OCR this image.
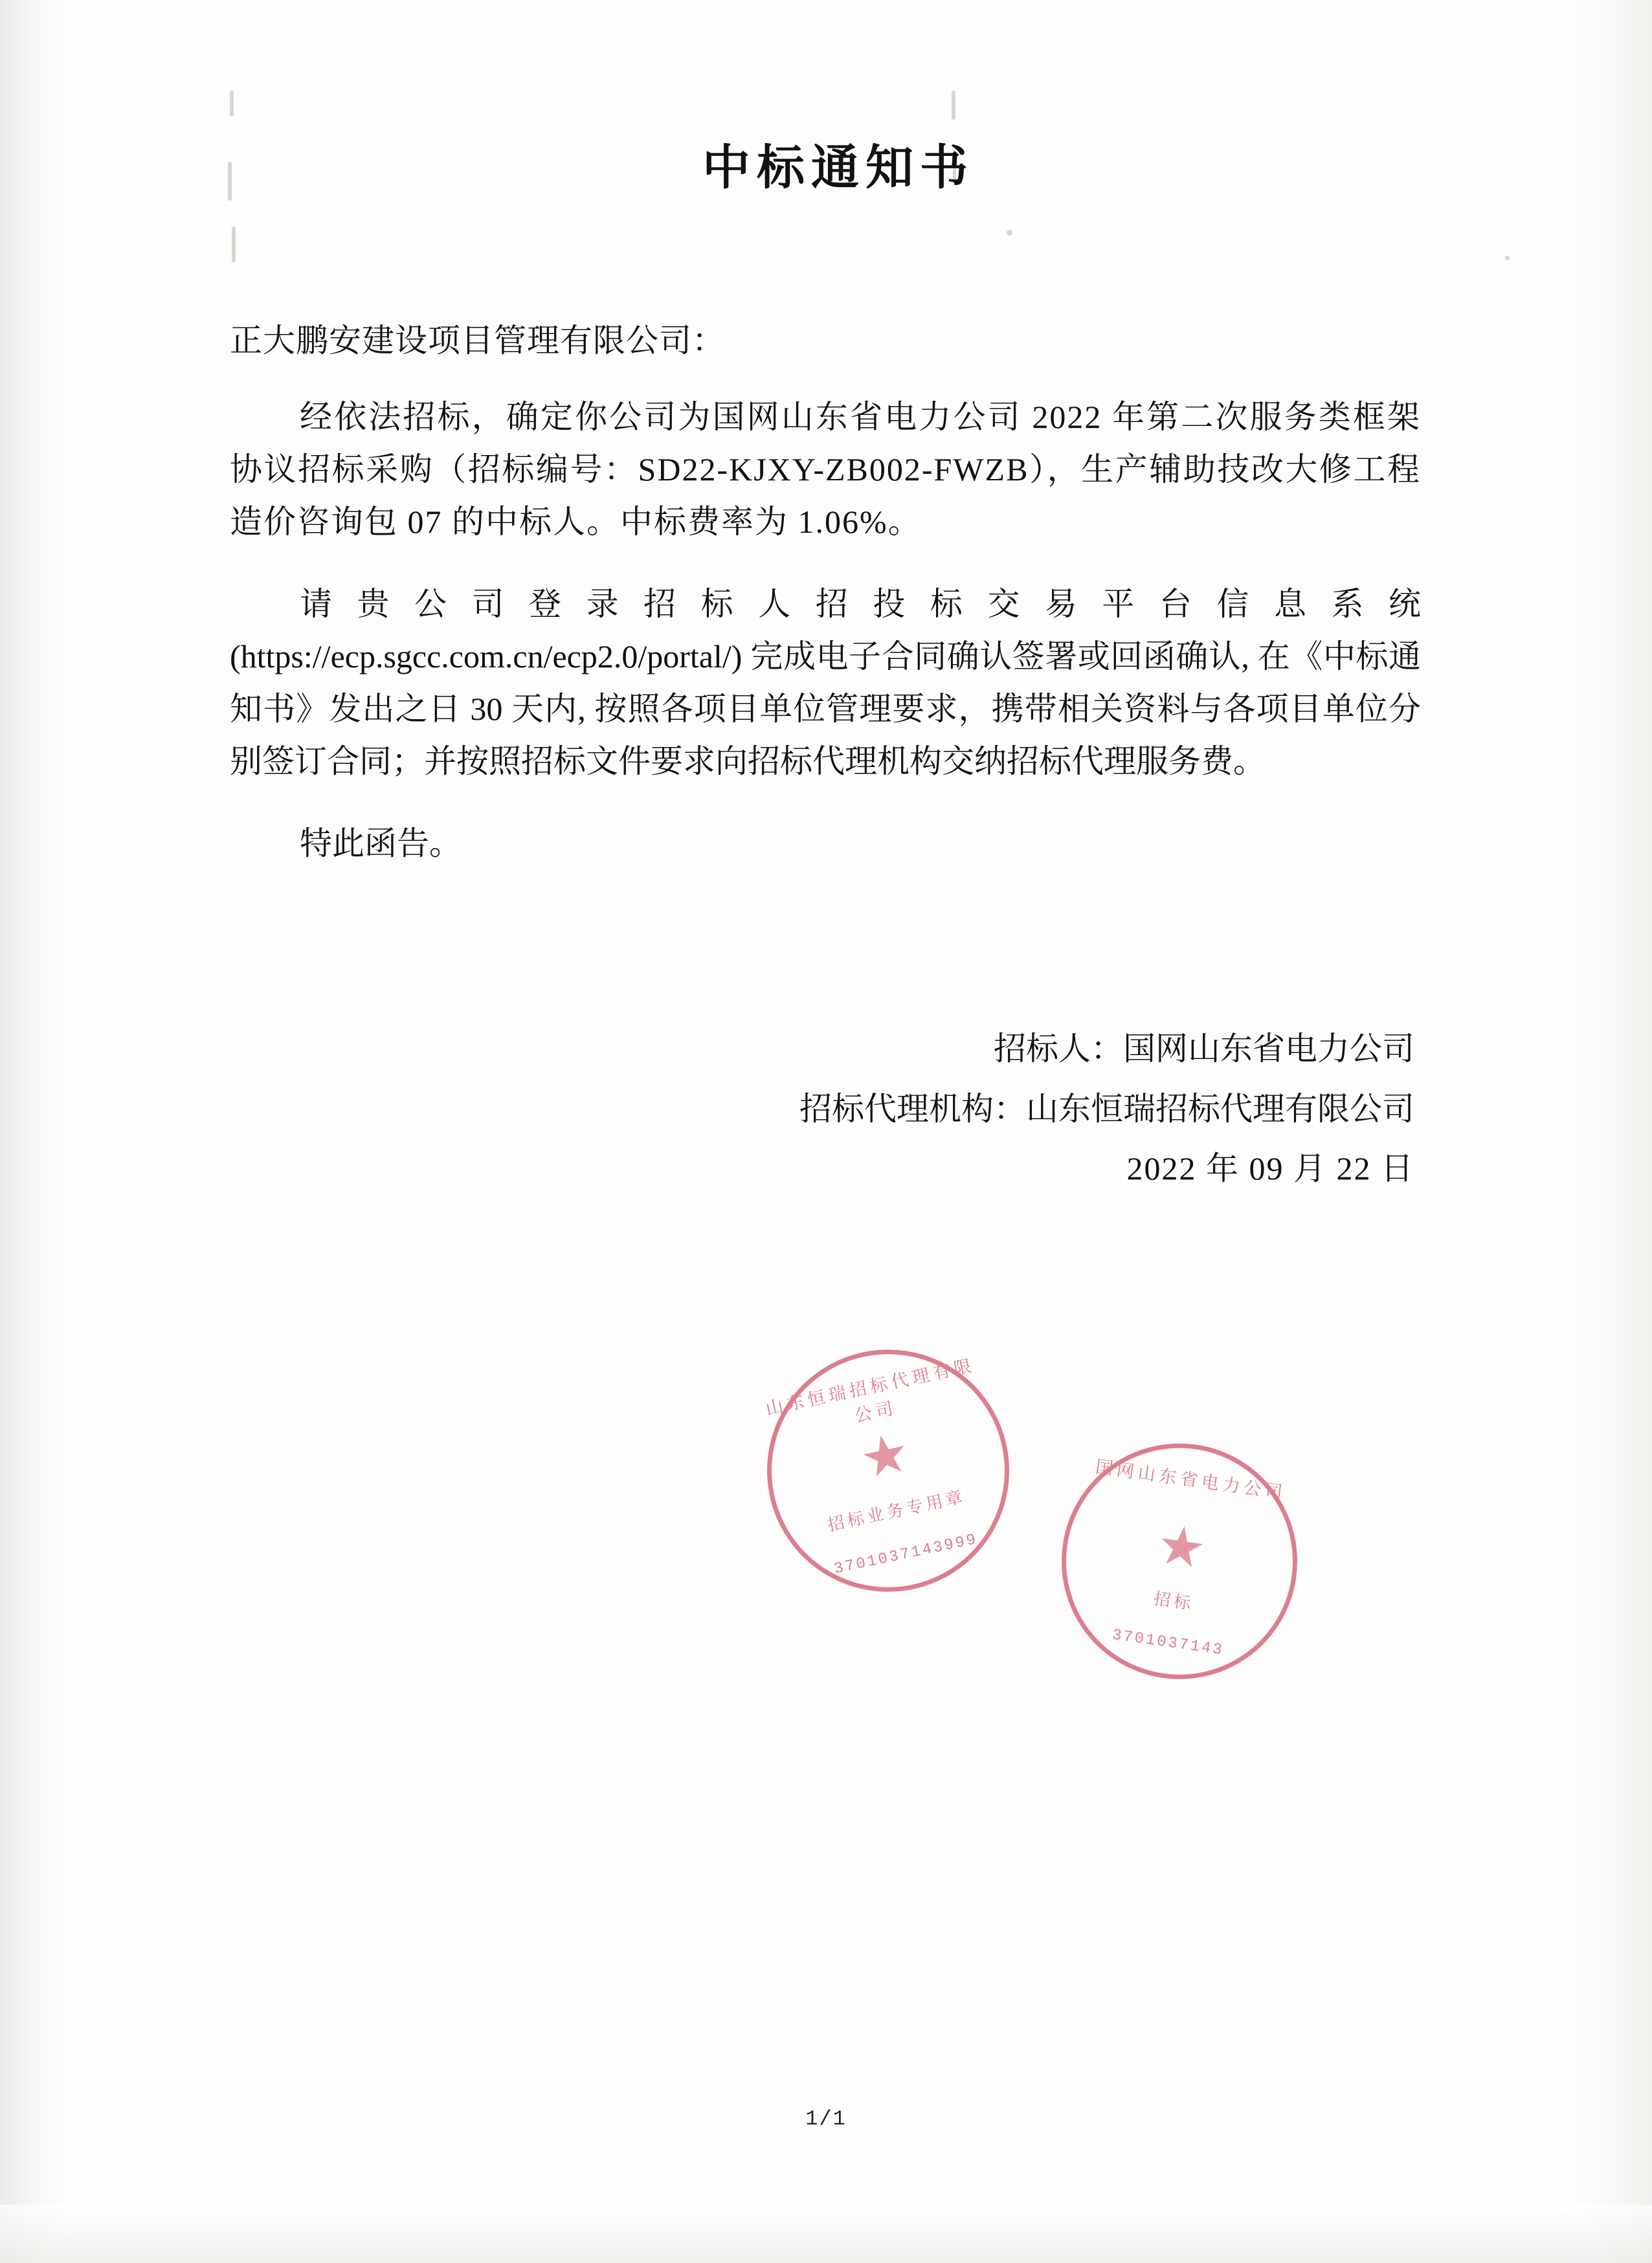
中标通知书
正大鹏安建设项目管理有限公司：

经依法招标，确定你公司为国网山东省电力公司 2022 年第二次服务类框架协议招标采购（招标编号：SD22-KJXY-ZB002-FWZB），生产辅助技改大修工程造价咨询包 07 的中标人。中标费率为 1.06%。

请贵公司登录招标人招投标交易平台信息系统 (https://ecp.sgcc.com.cn/ecp2.0/portal/) 完成电子合同确认签署或回函确认, 在《中标通知书》发出之日 30 天内, 按照各项目单位管理要求，携带相关资料与各项目单位分别签订合同；并按照招标文件要求向招标代理机构交纳招标代理服务费。

特此函告。

招标人：国网山东省电力公司
招标代理机构：山东恒瑞招标代理有限公司
2022 年 09 月 22 日
山东恒瑞招标代理有限公司
★
招标业务专用章
3701037143999
国网山东省电力公司
★
招标
3701037143
1/1
